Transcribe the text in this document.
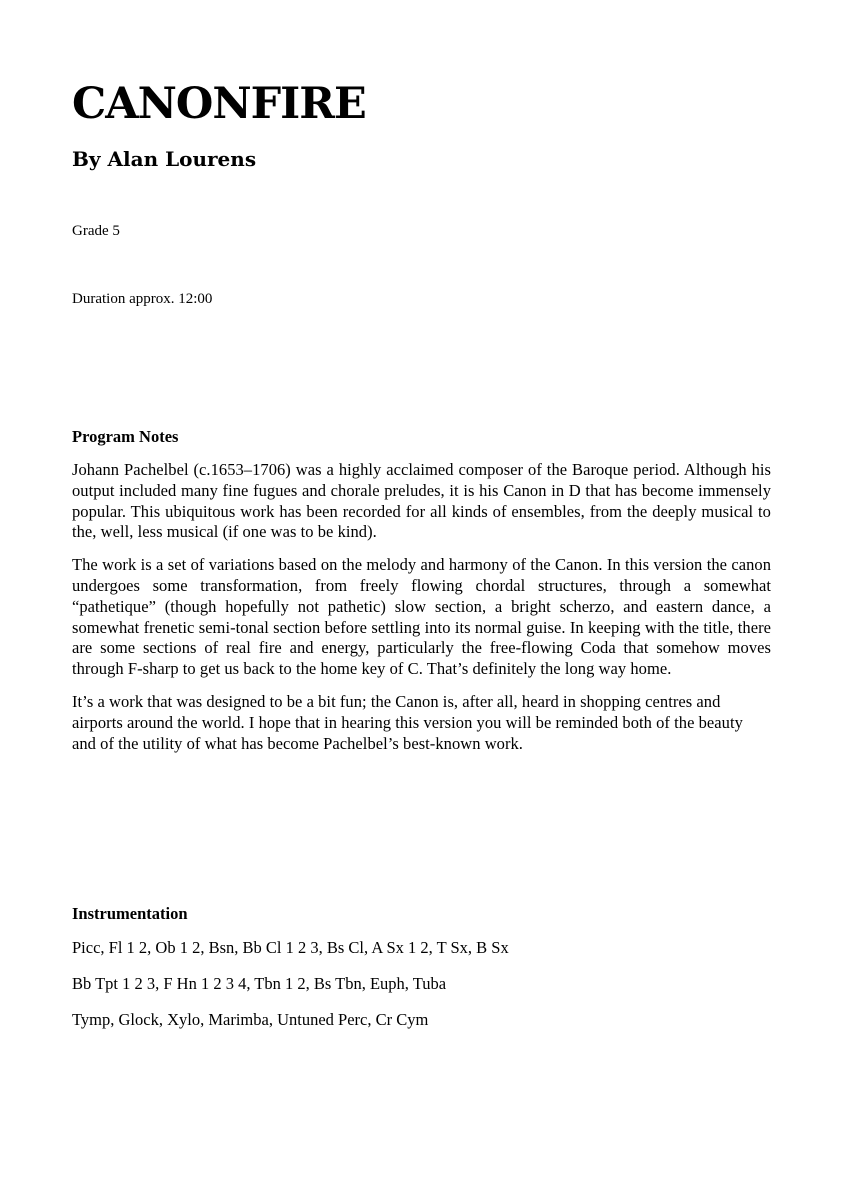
CANONFIRE
By Alan Lourens

Grade 5

Duration approx. 12:00

Program Notes

Johann Pachelbel (c.1653–1706) was a highly acclaimed composer of the Baroque period. Although his output included many fine fugues and chorale preludes, it is his Canon in D that has become immensely popular. This ubiquitous work has been recorded for all kinds of ensembles, from the deeply musical to the, well, less musical (if one was to be kind).

The work is a set of variations based on the melody and harmony of the Canon. In this version the canon undergoes some transformation, from freely flowing chordal structures, through a somewhat “pathetique” (though hopefully not pathetic) slow section, a bright scherzo, and eastern dance, a somewhat frenetic semi-tonal section before settling into its normal guise. In keeping with the title, there are some sections of real fire and energy, particularly the free-flowing Coda that somehow moves through F-sharp to get us back to the home key of C. That’s definitely the long way home.

It’s a work that was designed to be a bit fun; the Canon is, after all, heard in shopping centres and airports around the world. I hope that in hearing this version you will be reminded both of the beauty and of the utility of what has become Pachelbel’s best-known work.

Instrumentation

Picc, Fl 1 2, Ob 1 2, Bsn, Bb Cl 1 2 3, Bs Cl, A Sx 1 2, T Sx, B Sx

Bb Tpt 1 2 3, F Hn 1 2 3 4, Tbn 1 2, Bs Tbn, Euph, Tuba

Tymp, Glock, Xylo, Marimba, Untuned Perc, Cr Cym
